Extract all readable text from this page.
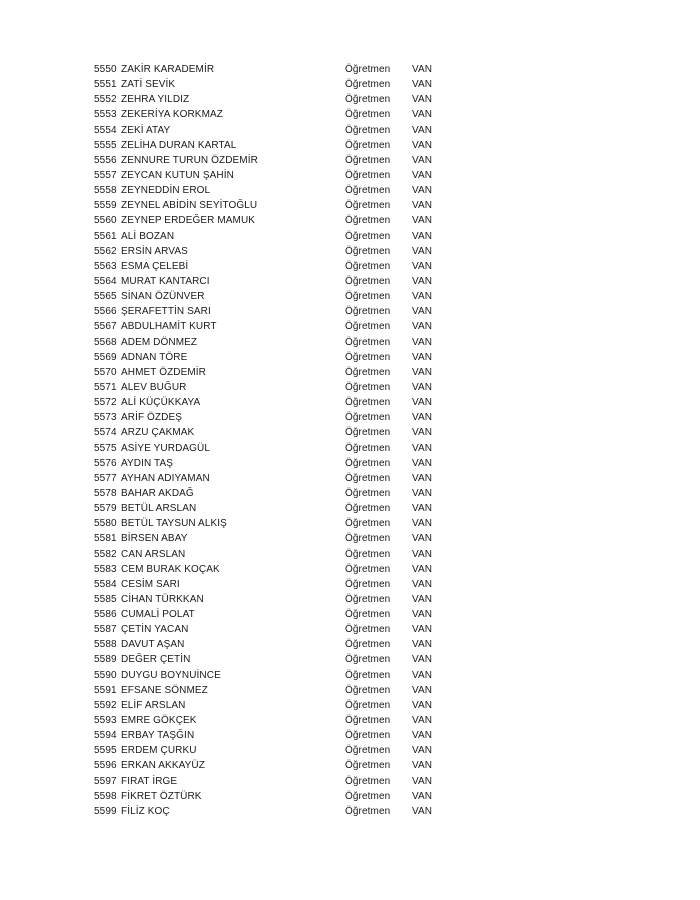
5550 ZAKİR KARADEMİR	Öğretmen	VAN
5551 ZATİ SEVİK	Öğretmen	VAN
5552 ZEHRA YILDIZ	Öğretmen	VAN
5553 ZEKERİYA KORKMAZ	Öğretmen	VAN
5554 ZEKİ ATAY	Öğretmen	VAN
5555 ZELİHA DURAN KARTAL	Öğretmen	VAN
5556 ZENNURE TURUN ÖZDEMİR	Öğretmen	VAN
5557 ZEYCAN KUTUN ŞAHİN	Öğretmen	VAN
5558 ZEYNEDDİN EROL	Öğretmen	VAN
5559 ZEYNEL ABİDİN SEYİTOĞLU	Öğretmen	VAN
5560 ZEYNEP ERDEĞER MAMUK	Öğretmen	VAN
5561 ALİ BOZAN	Öğretmen	VAN
5562 ERSİN ARVAS	Öğretmen	VAN
5563 ESMA ÇELEBİ	Öğretmen	VAN
5564 MURAT KANTARCI	Öğretmen	VAN
5565 SİNAN ÖZÜNVER	Öğretmen	VAN
5566 ŞERAFETTİN SARI	Öğretmen	VAN
5567 ABDULHAMİT KURT	Öğretmen	VAN
5568 ADEM DÖNMEZ	Öğretmen	VAN
5569 ADNAN TÖRE	Öğretmen	VAN
5570 AHMET ÖZDEMİR	Öğretmen	VAN
5571 ALEV BUĞUR	Öğretmen	VAN
5572 ALİ KÜÇÜKKAYA	Öğretmen	VAN
5573 ARİF ÖZDEŞ	Öğretmen	VAN
5574 ARZU ÇAKMAK	Öğretmen	VAN
5575 ASİYE YURDAGÜL	Öğretmen	VAN
5576 AYDIN TAŞ	Öğretmen	VAN
5577 AYHAN ADIYAMAN	Öğretmen	VAN
5578 BAHAR AKDAĞ	Öğretmen	VAN
5579 BETÜL ARSLAN	Öğretmen	VAN
5580 BETÜL TAYSUN ALKIŞ	Öğretmen	VAN
5581 BİRSEN ABAY	Öğretmen	VAN
5582 CAN ARSLAN	Öğretmen	VAN
5583 CEM BURAK KOÇAK	Öğretmen	VAN
5584 CESİM SARI	Öğretmen	VAN
5585 CİHAN TÜRKKAN	Öğretmen	VAN
5586 CUMALİ POLAT	Öğretmen	VAN
5587 ÇETİN YACAN	Öğretmen	VAN
5588 DAVUT AŞAN	Öğretmen	VAN
5589 DEĞER ÇETİN	Öğretmen	VAN
5590 DUYGU BOYNUİNCE	Öğretmen	VAN
5591 EFSANE SÖNMEZ	Öğretmen	VAN
5592 ELİF ARSLAN	Öğretmen	VAN
5593 EMRE GÖKÇEK	Öğretmen	VAN
5594 ERBAY TAŞĞIN	Öğretmen	VAN
5595 ERDEM ÇURKU	Öğretmen	VAN
5596 ERKAN AKKAYÜZ	Öğretmen	VAN
5597 FIRAT İRGE	Öğretmen	VAN
5598 FİKRET ÖZTÜRK	Öğretmen	VAN
5599 FİLİZ KOÇ	Öğretmen	VAN
